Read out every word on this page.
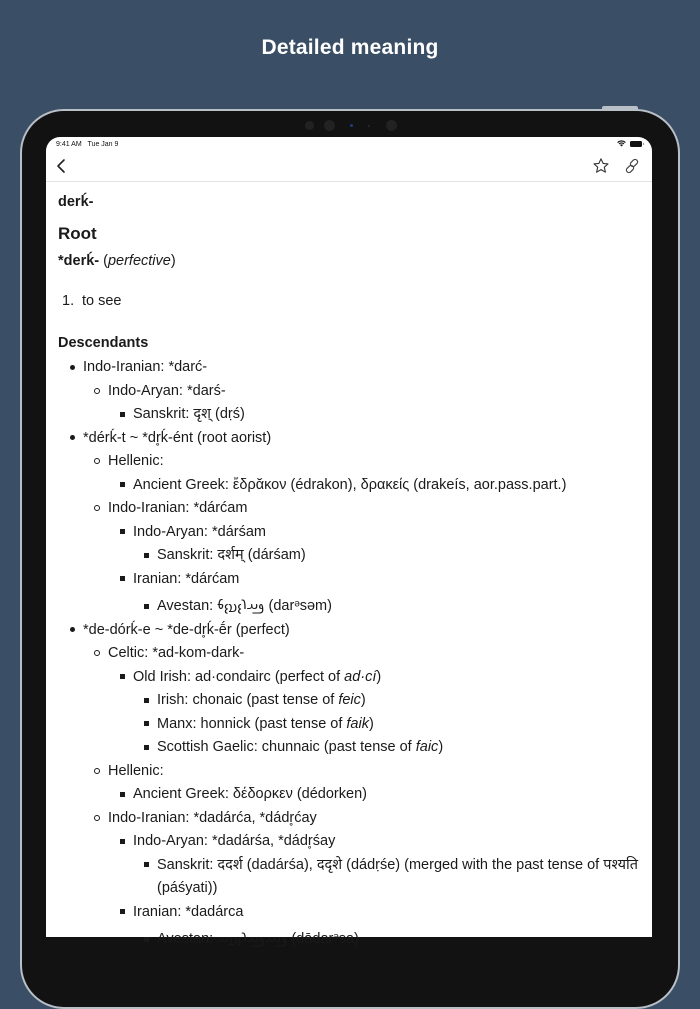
Detailed meaning
9:41 AM Tue Jan 9
derḱ-
Root
*derḱ- (perfective)
1. to see
Descendants
Indo-Iranian: *darć-
Indo-Aryan: *darś-
Sanskrit: दृश् (dṛś)
*dérḱ-t ~ *dr̥ḱ-ént (root aorist)
Hellenic:
Ancient Greek: ἔδρᾰκον (édrakon), δρακείς (drakeís, aor.pass.part.)
Indo-Iranian: *dárćam
Indo-Aryan: *dárśam
Sanskrit: दर्शम् (dárśam)
Iranian: *dárćam
Avestan: 𐬛𐬀𐬭𐬆𐬯𐬆𐬨 (darᵊsəm)
*de-dórḱ-e ~ *de-dr̥ḱ-ḗr (perfect)
Celtic: *ad-kom-dark-
Old Irish: ad·condairc (perfect of ad·cí)
Irish: chonaic (past tense of feic)
Manx: honnick (past tense of faik)
Scottish Gaelic: chunnaic (past tense of faic)
Hellenic:
Ancient Greek: δέδορκεν (dédorken)
Indo-Iranian: *dadárća, *dádr̥ćay
Indo-Aryan: *dadárśa, *dádr̥śay
Sanskrit: ददर्श (dadárśa), ददृशे (dádṛśe) (merged with the past tense of पश्यति (páśyati))
Iranian: *dadárca
Avestan: 𐬛𐬁𐬛𐬀𐬭𐬆𐬯𐬀 (dādarᵊsa)
